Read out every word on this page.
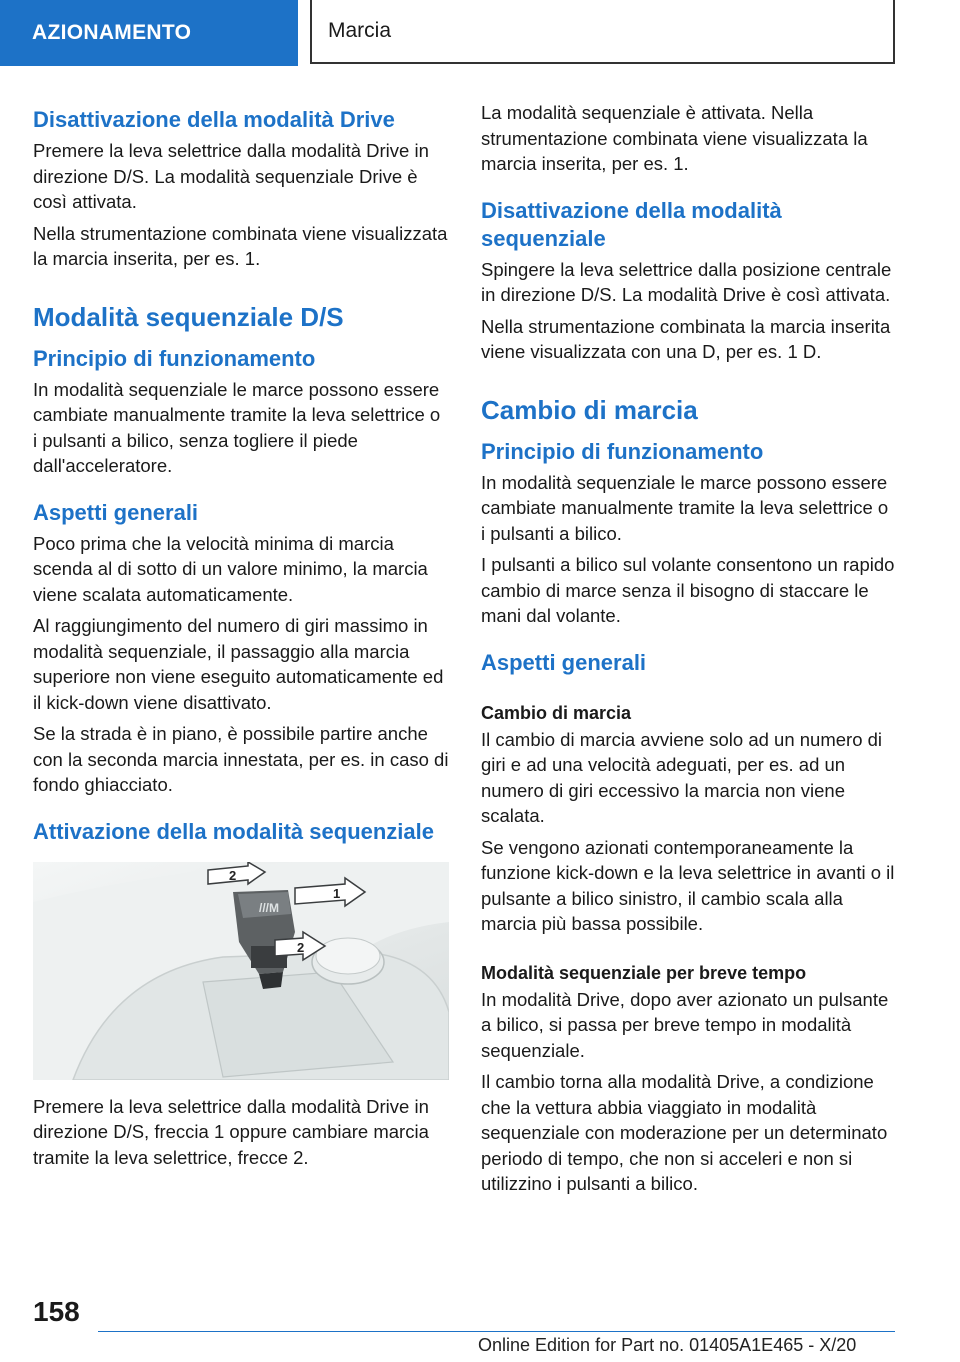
AZIONAMENTO	Marcia
Disattivazione della modalità Drive

Premere la leva selettrice dalla modalità Drive in direzione D/S. La modalità sequenziale Drive è così attivata.

Nella strumentazione combinata viene visualizzata la marcia inserita, per es. 1.

Modalità sequenziale D/S
Principio di funzionamento

In modalità sequenziale le marce possono essere cambiate manualmente tramite la leva selettrice o i pulsanti a bilico, senza togliere il piede dall'acceleratore.

Aspetti generali

Poco prima che la velocità minima di marcia scenda al di sotto di un valore minimo, la marcia viene scalata automaticamente.

Al raggiungimento del numero di giri massimo in modalità sequenziale, il passaggio alla marcia superiore non viene eseguito automaticamente ed il kick-down viene disattivato.

Se la strada è in piano, è possibile partire anche con la seconda marcia innestata, per es. in caso di fondo ghiacciato.

Attivazione della modalità sequenziale
///M
2
1
2

Premere la leva selettrice dalla modalità Drive in direzione D/S, freccia 1 oppure cambiare marcia tramite la leva selettrice, frecce 2.

La modalità sequenziale è attivata. Nella strumentazione combinata viene visualizzata la marcia inserita, per es. 1.

Disattivazione della modalità sequenziale

Spingere la leva selettrice dalla posizione centrale in direzione D/S. La modalità Drive è così attivata.

Nella strumentazione combinata la marcia inserita viene visualizzata con una D, per es. 1 D.

Cambio di marcia
Principio di funzionamento

In modalità sequenziale le marce possono essere cambiate manualmente tramite la leva selettrice o i pulsanti a bilico.

I pulsanti a bilico sul volante consentono un rapido cambio di marce senza il bisogno di staccare le mani dal volante.

Aspetti generali
Cambio di marcia

Il cambio di marcia avviene solo ad un numero di giri e ad una velocità adeguati, per es. ad un numero di giri eccessivo la marcia non viene scalata.

Se vengono azionati contemporaneamente la funzione kick-down e la leva selettrice in avanti o il pulsante a bilico sinistro, il cambio scala alla marcia più bassa possibile.

Modalità sequenziale per breve tempo

In modalità Drive, dopo aver azionato un pulsante a bilico, si passa per breve tempo in modalità sequenziale.

Il cambio torna alla modalità Drive, a condizione che la vettura abbia viaggiato in modalità sequenziale con moderazione per un determinato periodo di tempo, che non si acceleri e non si utilizzino i pulsanti a bilico.

158
Online Edition for Part no. 01405A1E465 - X/20
